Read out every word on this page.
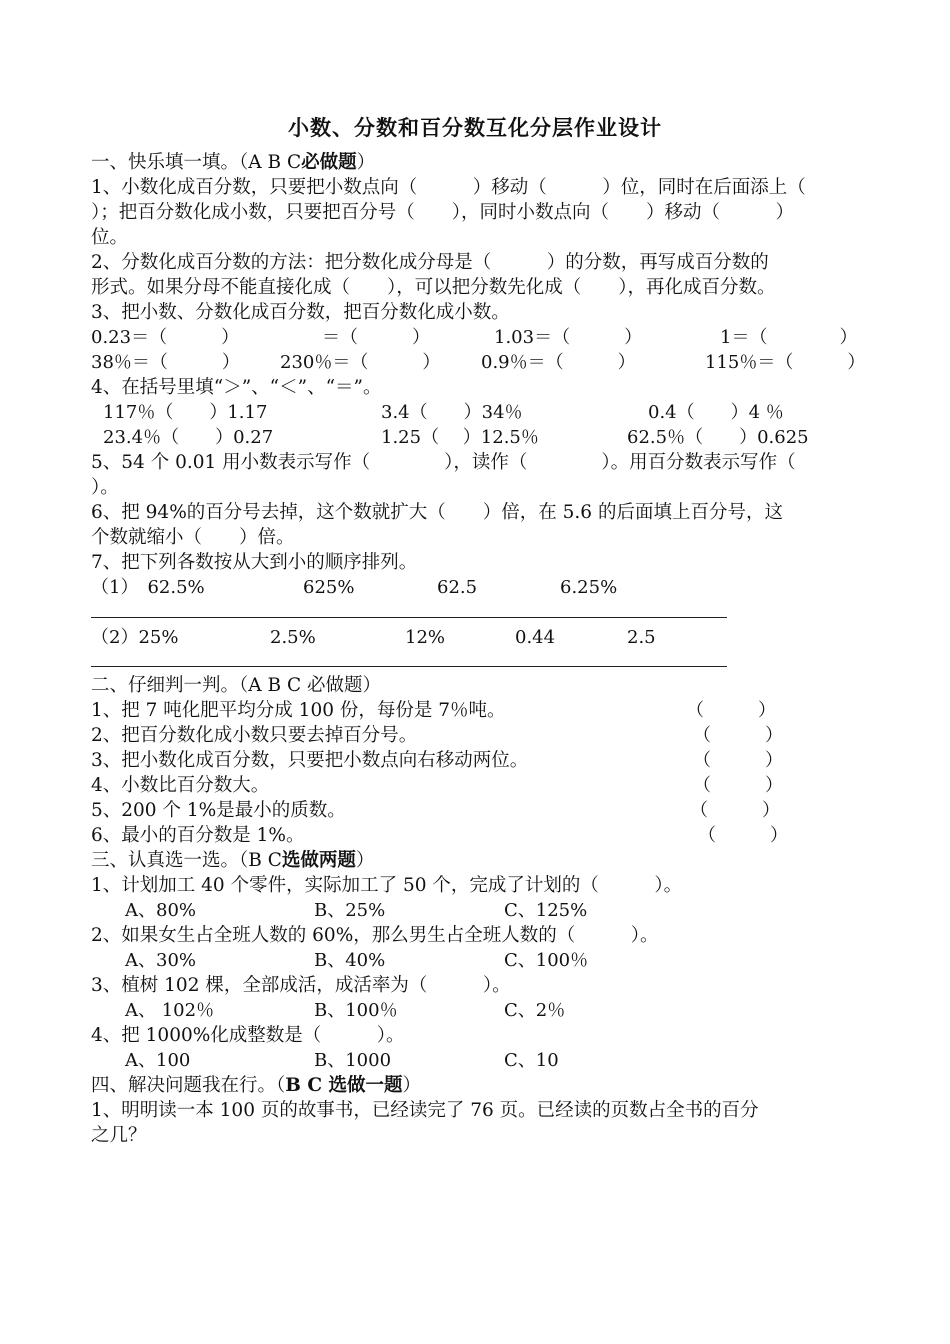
小数、分数和百分数互化分层作业设计
一、快乐填一填。（A B C必做题）
1、小数化成百分数，只要把小数点向（　　　）移动（　　　）位，同时在后面添上（
）；把百分数化成小数，只要把百分号（　　），同时小数点向（　　）移动（　　　）
位。
2、分数化成百分数的方法：把分数化成分母是（　　　）的分数，再写成百分数的
形式。如果分母不能直接化成（　　），可以把分数先化成（　　），再化成百分数。
3、把小数、分数化成百分数，把百分数化成小数。
0.23＝（　　　）	＝（　　　）	1.03＝（　　　）	1＝（　　　　）
38％＝（　　　） 230％＝（　　　） 0.9％＝（　　　）	115％＝（　　　）
4、在括号里填“＞”、“＜”、“＝”。
117％（　　）1.17	3.4（　　）34％	0.4（　　）4 ％
23.4％（　　）0.27	1.25（　 ）12.5％	62.5％（　　）0.625
5、54 个 0.01 用小数表示写作（　　　　），读作（　　　　）。用百分数表示写作（
）。
6、把 94%的百分号去掉，这个数就扩大（　　）倍，在 5.6 的后面填上百分号，这
个数就缩小（　　）倍。
7、把下列各数按从大到小的顺序排列。
（1）　62.5%	625%	62.5	6.25%
（2）25%	2.5%	12%	0.44	2.5
二、仔细判一判。（A B C 必做题）
1、把 7 吨化肥平均分成 100 份，每份是 7％吨。	（　　　）
2、把百分数化成小数只要去掉百分号。	（　　　）
3、把小数化成百分数，只要把小数点向右移动两位。	（　　　）
4、小数比百分数大。	（　　　）
5、200 个 1%是最小的质数。	（　　　）
6、最小的百分数是 1%。	（　　　）
三、认真选一选。（B C选做两题）
1、计划加工 40 个零件，实际加工了 50 个，完成了计划的（　　　）。
A、80%	B、25%	C、125%
2、如果女生占全班人数的 60%，那么男生占全班人数的（　　　）。
A、30%	B、40%	C、100％
3、植树 102 棵，全部成活，成活率为（　　　）。
A、 102％	B、100％	C、2％
4、把 1000%化成整数是（　　　）。
A、100	B、1000	C、10
四、解决问题我在行。（B C 选做一题）
1、明明读一本 100 页的故事书，已经读完了 76 页。已经读的页数占全书的百分
之几？
